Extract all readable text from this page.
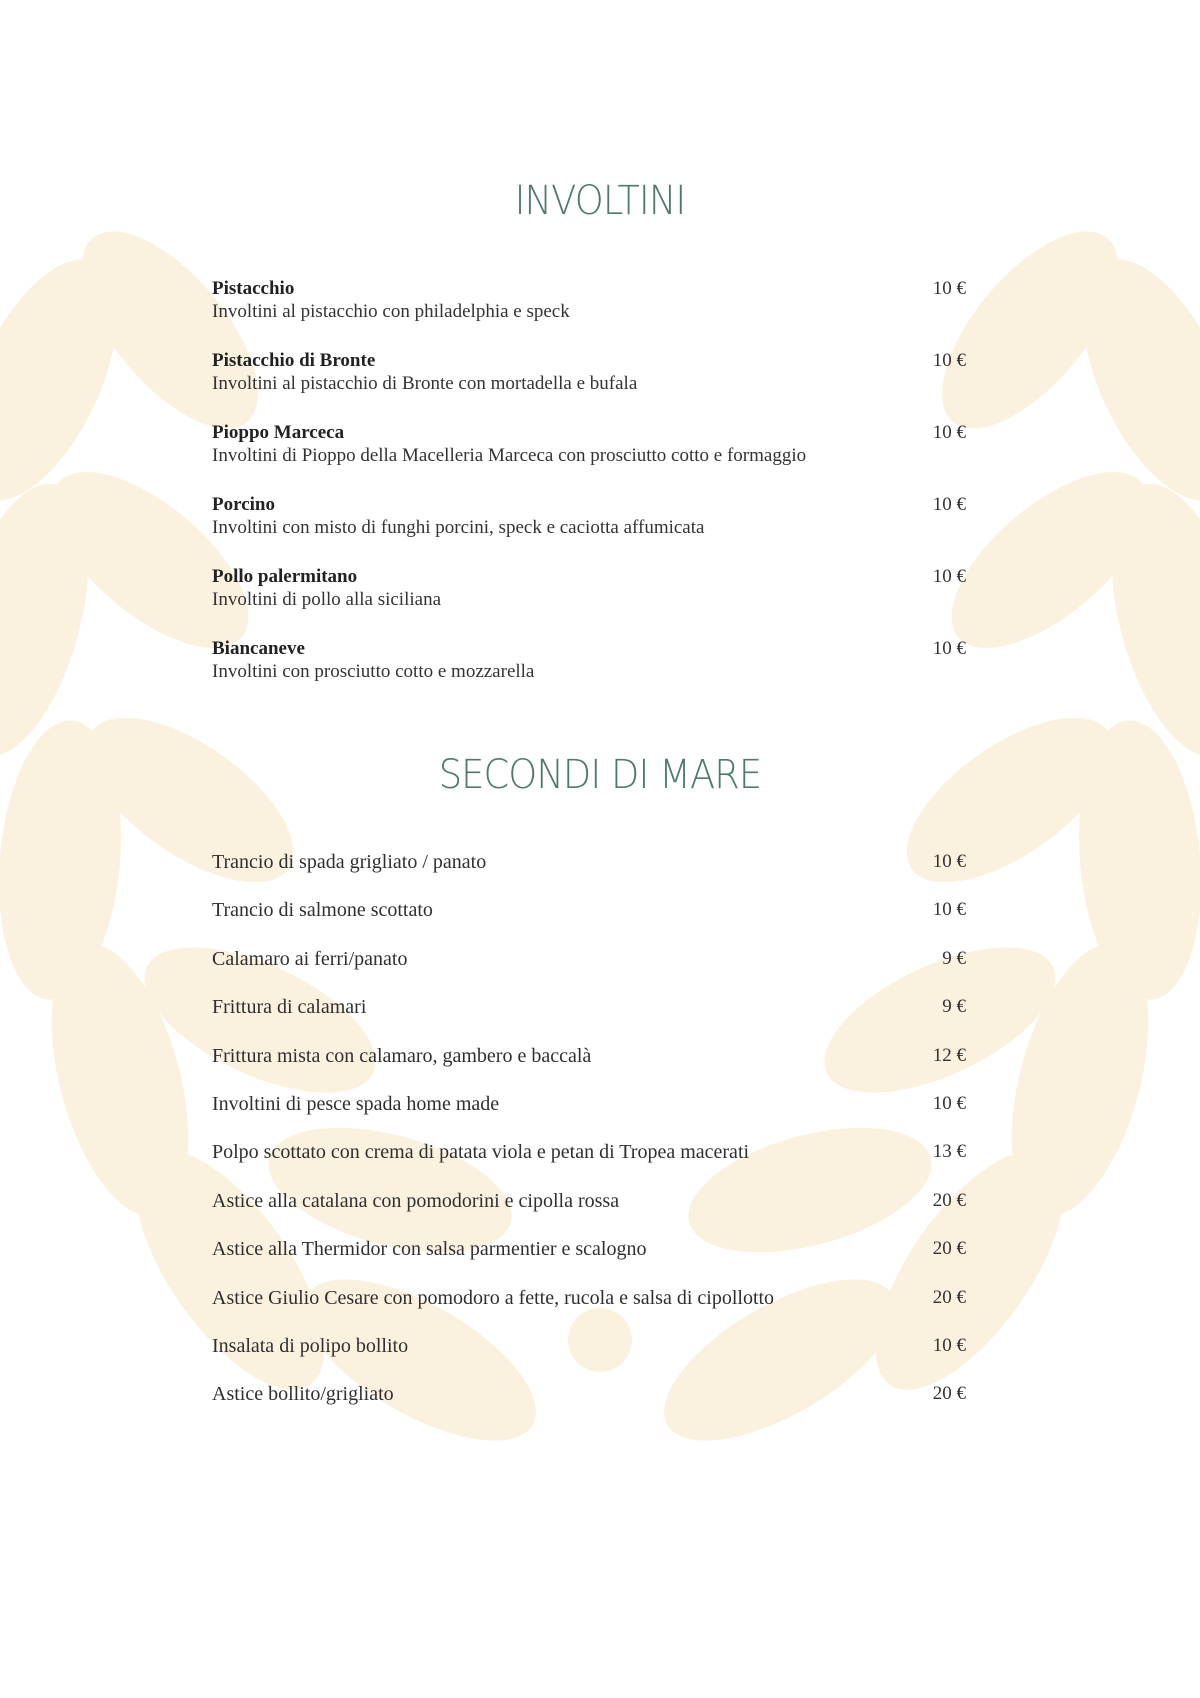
INVOLTINI
Pistacchio
Involtini al pistacchio con philadelphia e speck
10 €
Pistacchio di Bronte
Involtini al pistacchio di Bronte con mortadella e bufala
10 €
Pioppo Marceca
Involtini di Pioppo della Macelleria Marceca con prosciutto cotto e formaggio
10 €
Porcino
Involtini con misto di funghi porcini, speck e caciotta affumicata
10 €
Pollo palermitano
Involtini di pollo alla siciliana
10 €
Biancaneve
Involtini con prosciutto cotto e mozzarella
10 €
SECONDI DI MARE
Trancio di spada grigliato / panato	10 €
Trancio di salmone scottato	10 €
Calamaro ai ferri/panato	9 €
Frittura di calamari	9 €
Frittura mista con calamaro, gambero e baccalà	12 €
Involtini di pesce spada home made	10 €
Polpo scottato con crema di patata viola e petan di Tropea macerati	13 €
Astice alla catalana con pomodorini e cipolla rossa	20 €
Astice alla Thermidor con salsa parmentier e scalogno	20 €
Astice Giulio Cesare con pomodoro a fette, rucola e salsa di cipollotto	20 €
Insalata di polipo bollito	10 €
Astice bollito/grigliato	20 €
